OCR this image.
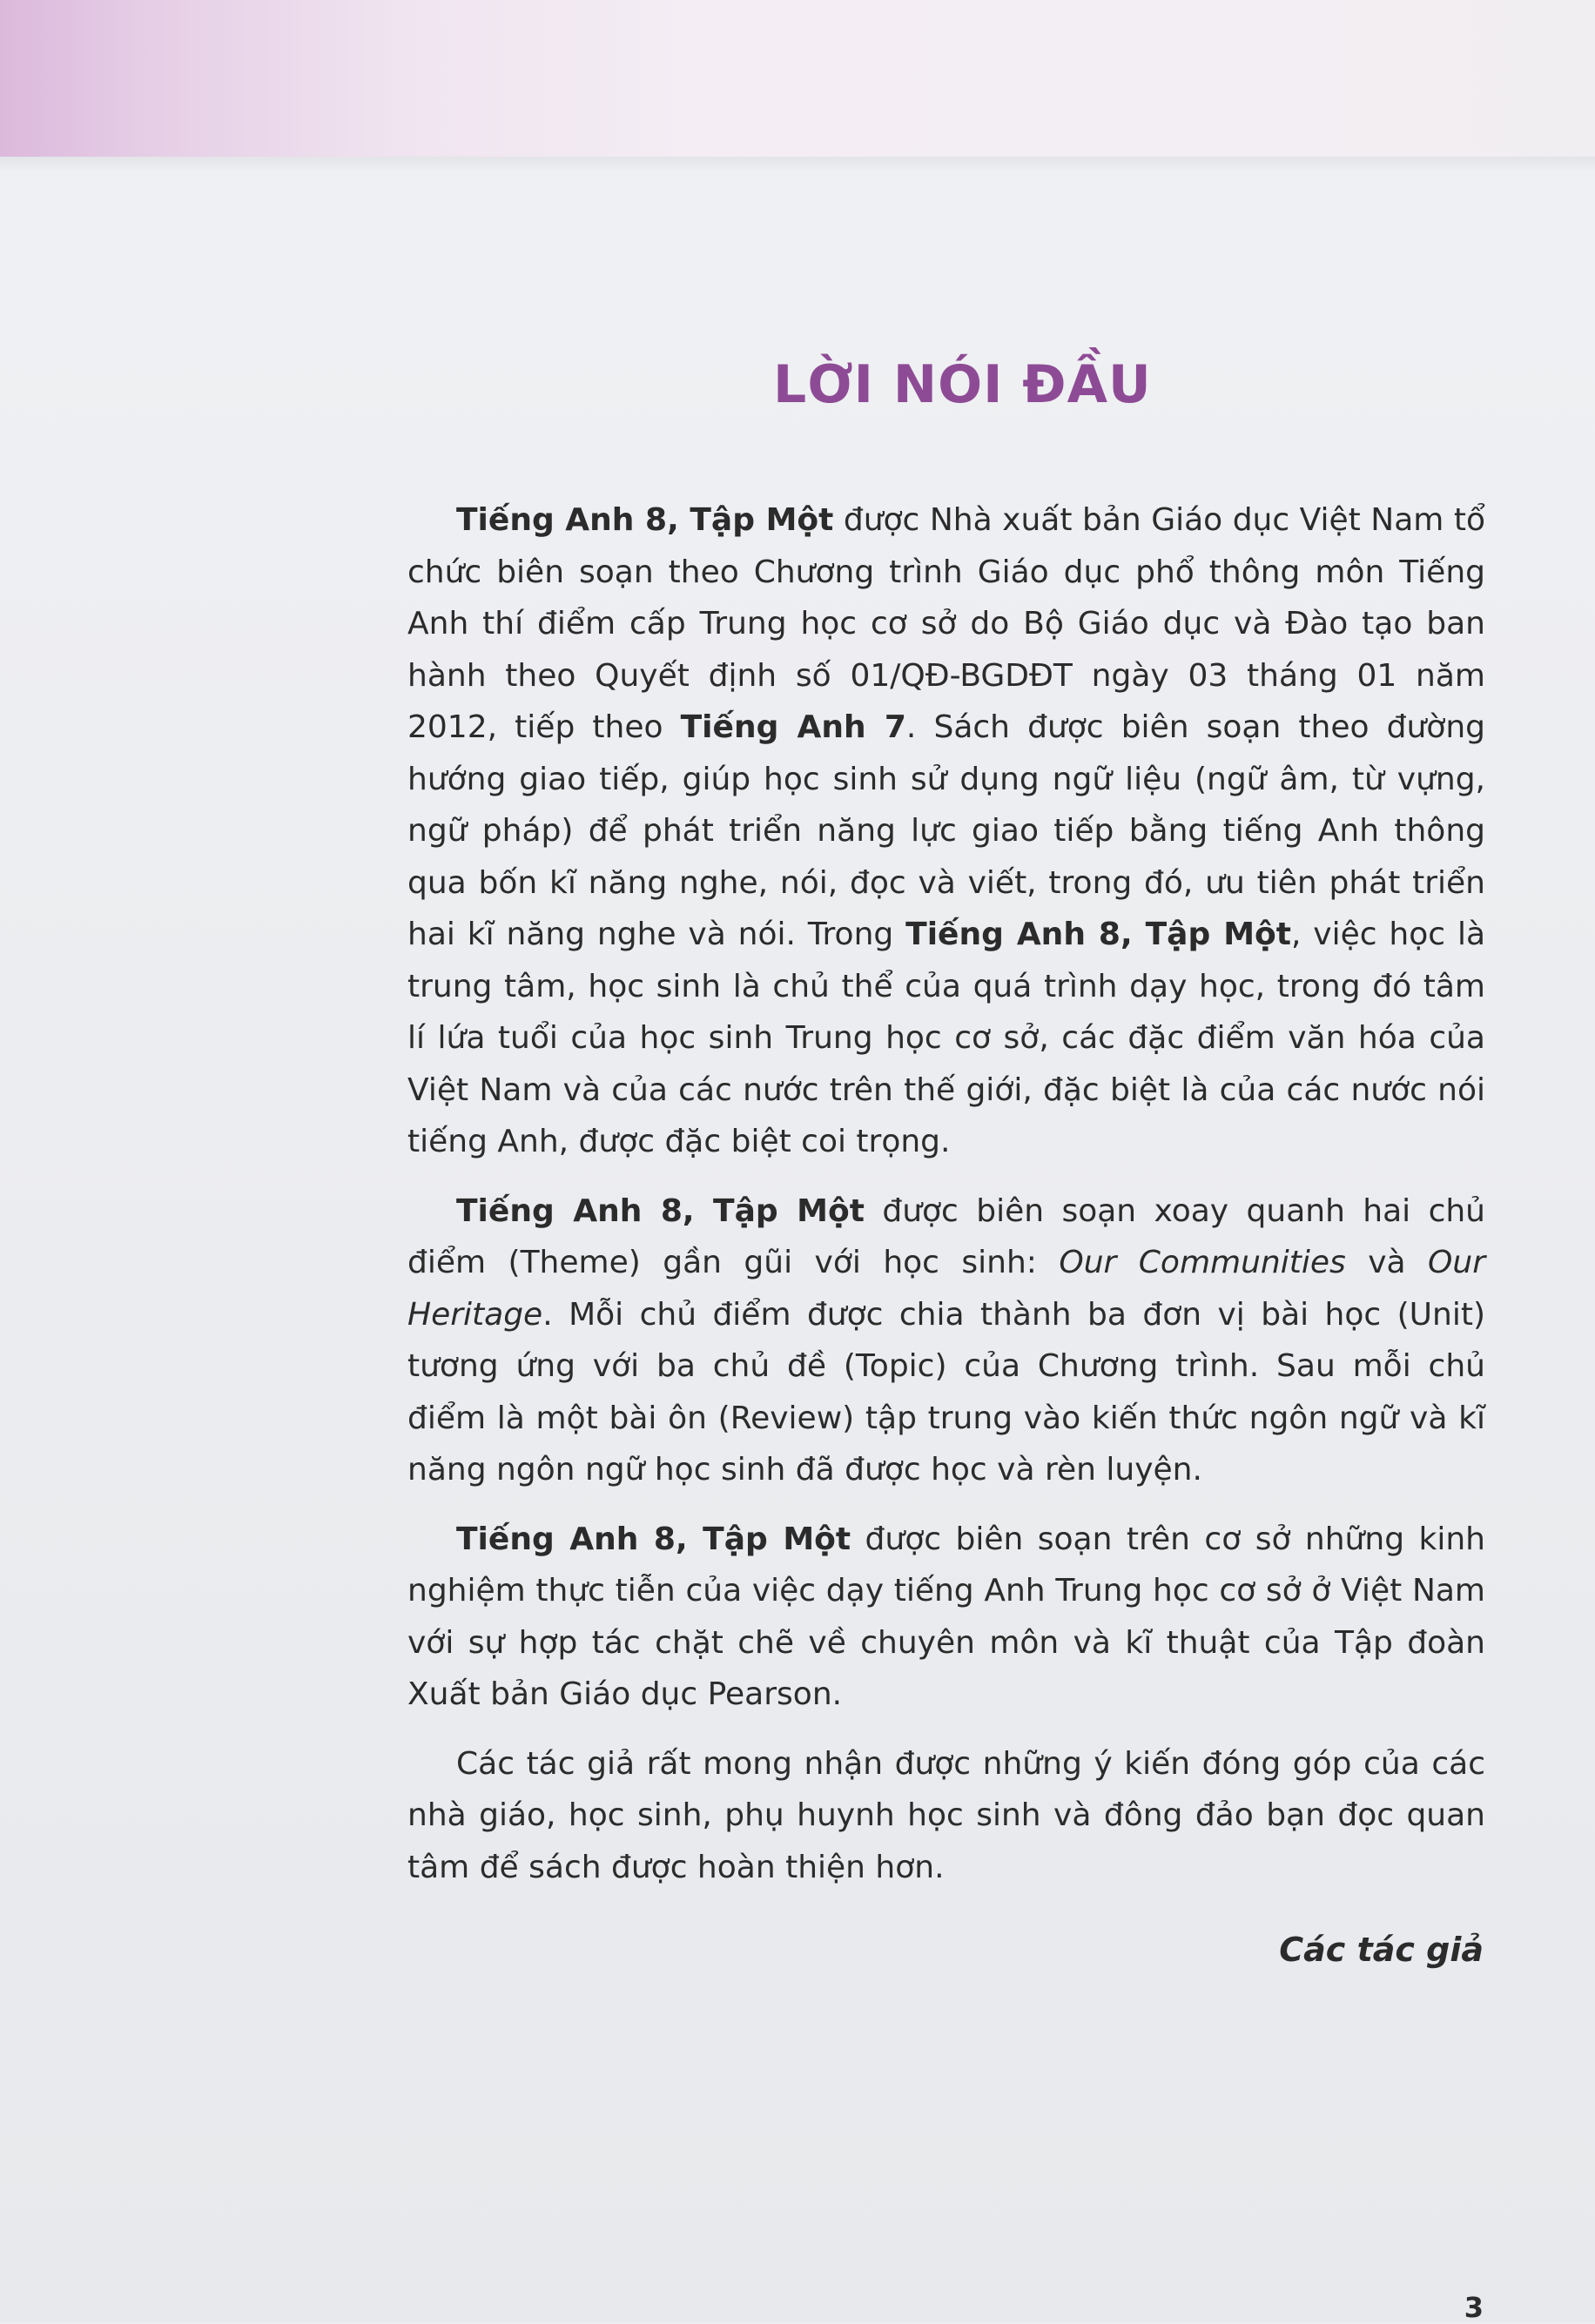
LỜI NÓI ĐẦU

Tiếng Anh 8, Tập Một được Nhà xuất bản Giáo dục Việt Nam tổ chức biên soạn theo Chương trình Giáo dục phổ thông môn Tiếng Anh thí điểm cấp Trung học cơ sở do Bộ Giáo dục và Đào tạo ban hành theo Quyết định số 01/QĐ-BGDĐT ngày 03 tháng 01 năm 2012, tiếp theo Tiếng Anh 7. Sách được biên soạn theo đường hướng giao tiếp, giúp học sinh sử dụng ngữ liệu (ngữ âm, từ vựng, ngữ pháp) để phát triển năng lực giao tiếp bằng tiếng Anh thông qua bốn kĩ năng nghe, nói, đọc và viết, trong đó, ưu tiên phát triển hai kĩ năng nghe và nói. Trong Tiếng Anh 8, Tập Một, việc học là trung tâm, học sinh là chủ thể của quá trình dạy học, trong đó tâm lí lứa tuổi của học sinh Trung học cơ sở, các đặc điểm văn hóa của Việt Nam và của các nước trên thế giới, đặc biệt là của các nước nói tiếng Anh, được đặc biệt coi trọng.

Tiếng Anh 8, Tập Một được biên soạn xoay quanh hai chủ điểm (Theme) gần gũi với học sinh: Our Communities và Our Heritage. Mỗi chủ điểm được chia thành ba đơn vị bài học (Unit) tương ứng với ba chủ đề (Topic) của Chương trình. Sau mỗi chủ điểm là một bài ôn (Review) tập trung vào kiến thức ngôn ngữ và kĩ năng ngôn ngữ học sinh đã được học và rèn luyện.

Tiếng Anh 8, Tập Một được biên soạn trên cơ sở những kinh nghiệm thực tiễn của việc dạy tiếng Anh Trung học cơ sở ở Việt Nam với sự hợp tác chặt chẽ về chuyên môn và kĩ thuật của Tập đoàn Xuất bản Giáo dục Pearson.

Các tác giả rất mong nhận được những ý kiến đóng góp của các nhà giáo, học sinh, phụ huynh học sinh và đông đảo bạn đọc quan tâm để sách được hoàn thiện hơn.

Các tác giả

3
